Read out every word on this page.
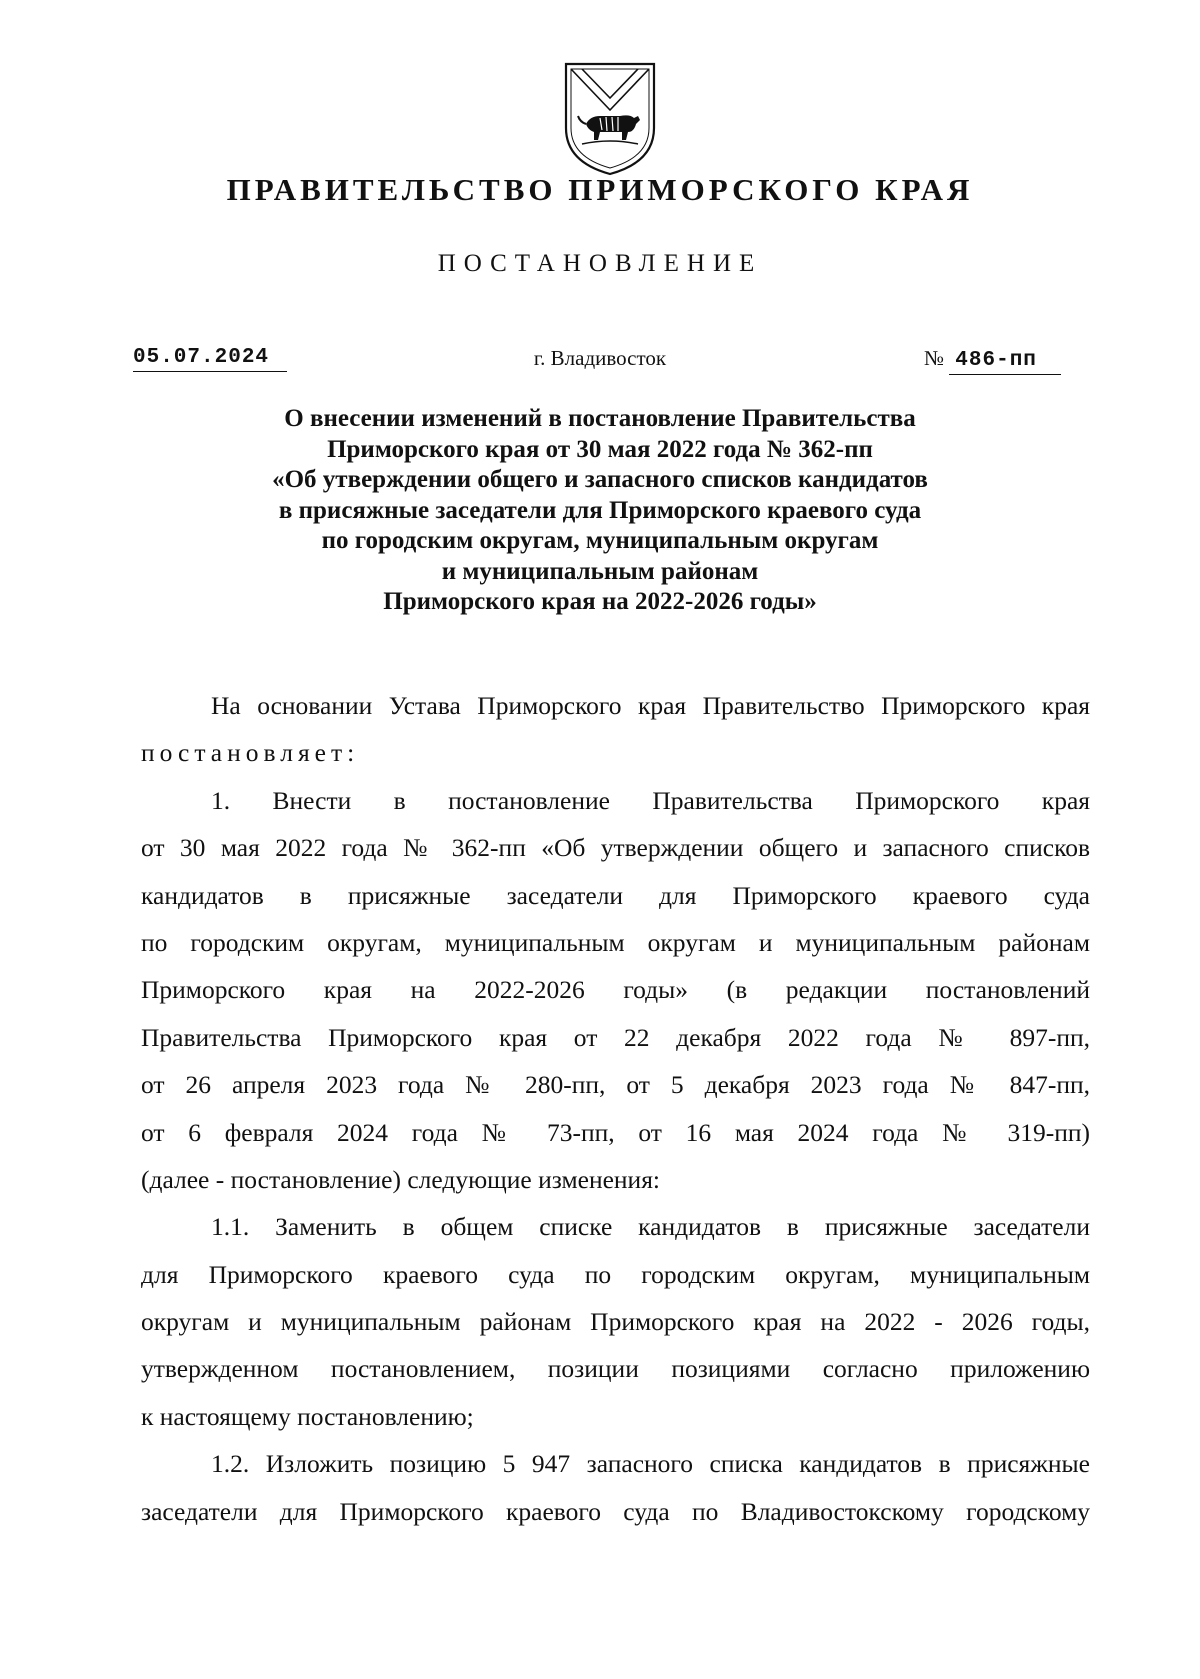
ПРАВИТЕЛЬСТВО ПРИМОРСКОГО КРАЯ
ПОСТАНОВЛЕНИЕ
05.07.2024	г. Владивосток	№ 486-пп
О внесении изменений в постановление Правительства
Приморского края от 30 мая 2022 года № 362-пп
«Об утверждении общего и запасного списков кандидатов
в присяжные заседатели для Приморского краевого суда
по городским округам, муниципальным округам
и муниципальным районам
Приморского края на 2022-2026 годы»
На основании Устава Приморского края Правительство Приморского края
постановляет:
1. Внести в постановление Правительства Приморского края
от 30 мая 2022 года № 362-пп «Об утверждении общего и запасного списков
кандидатов в присяжные заседатели для Приморского краевого суда
по городским округам, муниципальным округам и муниципальным районам
Приморского края на 2022-2026 годы» (в редакции постановлений
Правительства Приморского края от 22 декабря 2022 года № 897-пп,
от 26 апреля 2023 года № 280-пп, от 5 декабря 2023 года № 847-пп,
от 6 февраля 2024 года № 73-пп, от 16 мая 2024 года № 319-пп)
(далее - постановление) следующие изменения:
1.1. Заменить в общем списке кандидатов в присяжные заседатели
для Приморского краевого суда по городским округам, муниципальным
округам и муниципальным районам Приморского края на 2022 - 2026 годы,
утвержденном постановлением, позиции позициями согласно приложению
к настоящему постановлению;
1.2. Изложить позицию 5 947 запасного списка кандидатов в присяжные
заседатели для Приморского краевого суда по Владивостокскому городскому
